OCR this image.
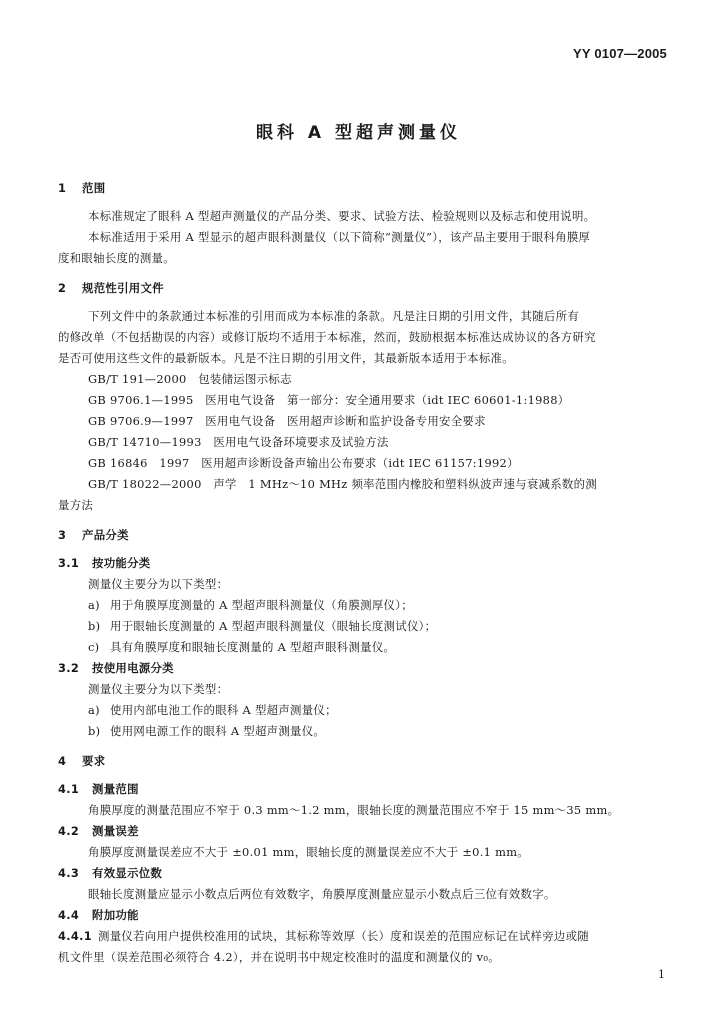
YY 0107—2005
眼科 A 型超声测量仪
1 范围
本标准规定了眼科 A 型超声测量仪的产品分类、要求、试验方法、检验规则以及标志和使用说明。
本标准适用于采用 A 型显示的超声眼科测量仪（以下简称“测量仪”），该产品主要用于眼科角膜厚
度和眼轴长度的测量。
2 规范性引用文件
下列文件中的条款通过本标准的引用而成为本标准的条款。凡是注日期的引用文件，其随后所有
的修改单（不包括勘误的内容）或修订版均不适用于本标准，然而，鼓励根据本标准达成协议的各方研究
是否可使用这些文件的最新版本。凡是不注日期的引用文件，其最新版本适用于本标准。
GB/T 191—2000　包装储运图示标志
GB 9706.1—1995　医用电气设备　第一部分：安全通用要求（idt IEC 60601-1:1988）
GB 9706.9—1997　医用电气设备　医用超声诊断和监护设备专用安全要求
GB/T 14710—1993　医用电气设备环境要求及试验方法
GB 16846　1997　医用超声诊断设备声输出公布要求（idt IEC 61157:1992）
GB/T 18022—2000　声学　1 MHz～10 MHz 频率范围内橡胶和塑料纵波声速与衰减系数的测
量方法
3 产品分类
3.1 按功能分类
测量仪主要分为以下类型：
a) 用于角膜厚度测量的 A 型超声眼科测量仪（角膜测厚仪）；
b) 用于眼轴长度测量的 A 型超声眼科测量仪（眼轴长度测试仪）；
c) 具有角膜厚度和眼轴长度测量的 A 型超声眼科测量仪。
3.2 按使用电源分类
测量仪主要分为以下类型：
a) 使用内部电池工作的眼科 A 型超声测量仪；
b) 使用网电源工作的眼科 A 型超声测量仪。
4 要求
4.1 测量范围
角膜厚度的测量范围应不窄于 0.3 mm～1.2 mm，眼轴长度的测量范围应不窄于 15 mm～35 mm。
4.2 测量误差
角膜厚度测量误差应不大于 ±0.01 mm，眼轴长度的测量误差应不大于 ±0.1 mm。
4.3 有效显示位数
眼轴长度测量应显示小数点后两位有效数字，角膜厚度测量应显示小数点后三位有效数字。
4.4 附加功能
4.4.1 测量仪若向用户提供校准用的试块，其标称等效厚（长）度和误差的范围应标记在试样旁边或随
机文件里（误差范围必须符合 4.2），并在说明书中规定校准时的温度和测量仪的 v₀。
1
